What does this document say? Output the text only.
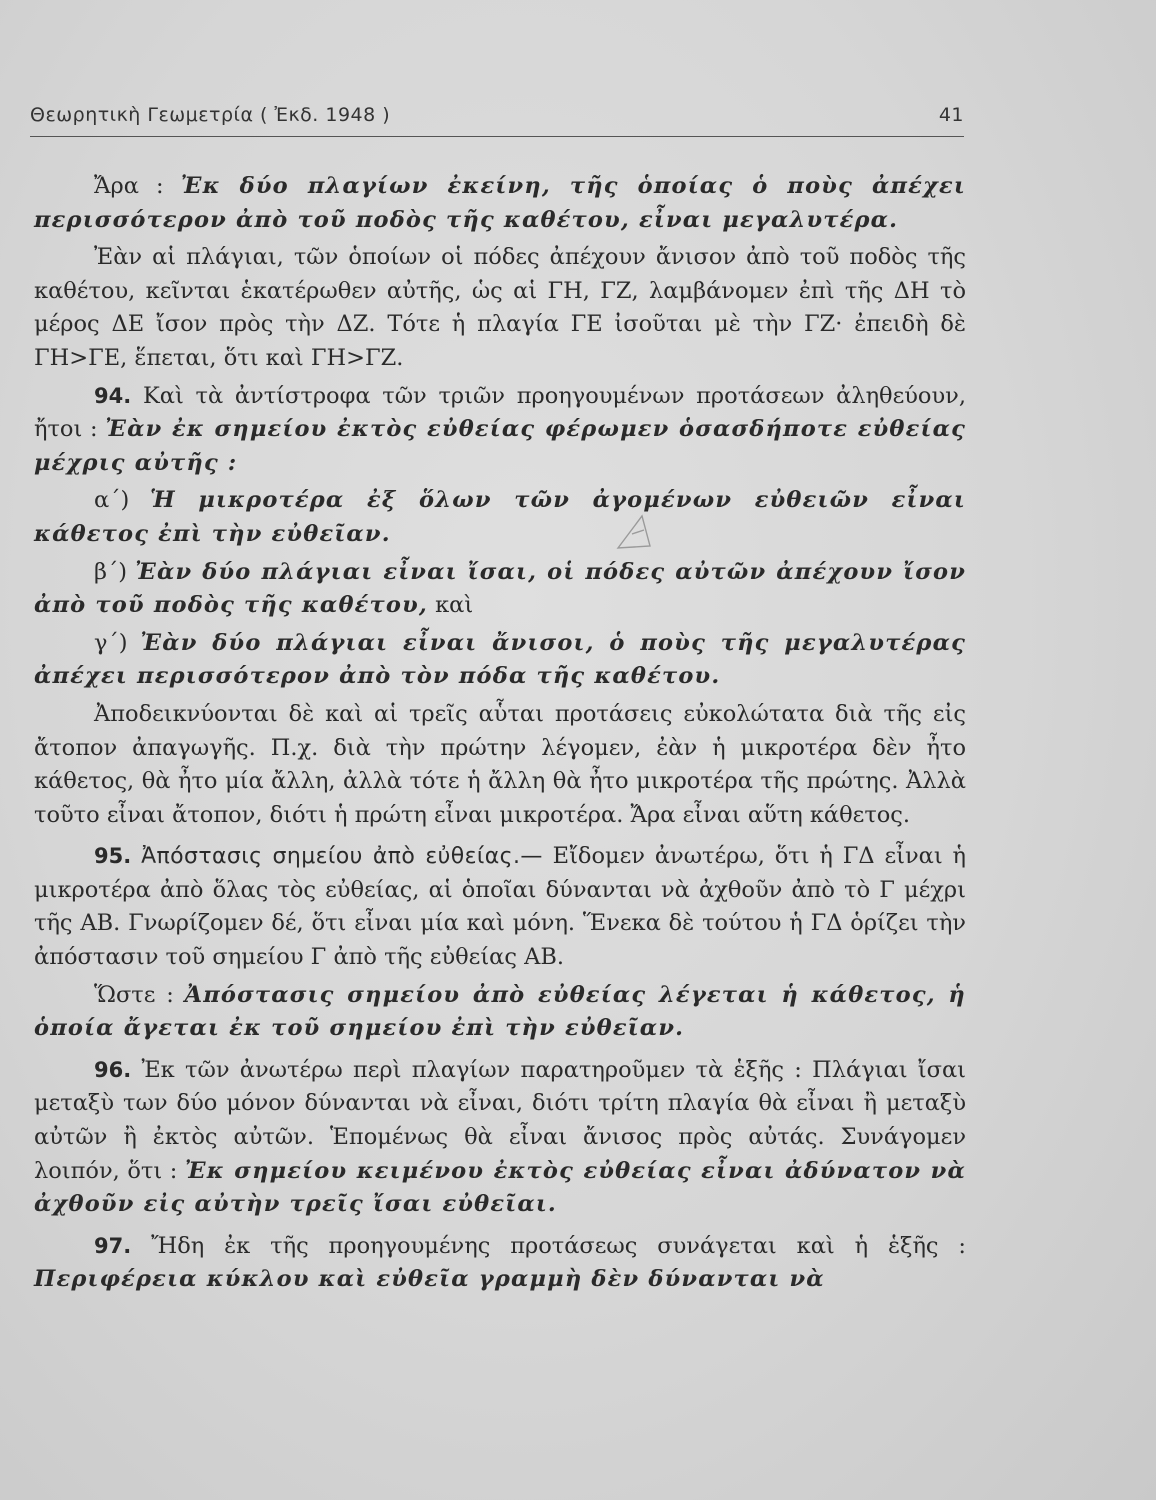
Θεωρητικὴ Γεωμετρία ( Ἐκδ. 1948 )	41

Ἄρα : Ἐκ δύο πλαγίων ἐκείνη, τῆς ὁποίας ὁ ποὺς ἀπέχει περισσότερον ἀπὸ τοῦ ποδὸς τῆς καθέτου, εἶναι μεγαλυτέρα.

Ἐὰν αἱ πλάγιαι, τῶν ὁποίων οἱ πόδες ἀπέχουν ἄνισον ἀπὸ τοῦ ποδὸς τῆς καθέτου, κεῖνται ἑκατέρωθεν αὐτῆς, ὡς αἱ ΓΗ, ΓΖ, λαμβάνομεν ἐπὶ τῆς ΔΗ τὸ μέρος ΔΕ ἴσον πρὸς τὴν ΔΖ. Τότε ἡ πλαγία ΓΕ ἰσοῦται μὲ τὴν ΓΖ· ἐπειδὴ δὲ ΓΗ>ΓΕ, ἕπεται, ὅτι καὶ ΓΗ>ΓΖ.

94. Καὶ τὰ ἀντίστροφα τῶν τριῶν προηγουμένων προτάσεων ἀληθεύουν, ἤτοι : Ἐὰν ἐκ σημείου ἐκτὸς εὐθείας φέρωμεν ὁσασδήποτε εὐθείας μέχρις αὐτῆς :

α΄) Ἡ μικροτέρα ἐξ ὅλων τῶν ἀγομένων εὐθειῶν εἶναι κάθετος ἐπὶ τὴν εὐθεῖαν.

β΄) Ἐὰν δύο πλάγιαι εἶναι ἴσαι, οἱ πόδες αὐτῶν ἀπέχουν ἴσον ἀπὸ τοῦ ποδὸς τῆς καθέτου, καὶ

γ΄) Ἐὰν δύο πλάγιαι εἶναι ἄνισοι, ὁ ποὺς τῆς μεγαλυτέρας ἀπέχει περισσότερον ἀπὸ τὸν πόδα τῆς καθέτου.

Ἀποδεικνύονται δὲ καὶ αἱ τρεῖς αὗται προτάσεις εὐκολώτατα διὰ τῆς εἰς ἄτοπον ἀπαγωγῆς. Π.χ. διὰ τὴν πρώτην λέγομεν, ἐὰν ἡ μικροτέρα δὲν ἦτο κάθετος, θὰ ἦτο μία ἄλλη, ἀλλὰ τότε ἡ ἄλλη θὰ ἦτο μικροτέρα τῆς πρώτης. Ἀλλὰ τοῦτο εἶναι ἄτοπον, διότι ἡ πρώτη εἶναι μικροτέρα. Ἄρα εἶναι αὕτη κάθετος.

95. Ἀπόστασις σημείου ἀπὸ εὐθείας.— Εἴδομεν ἀνωτέρω, ὅτι ἡ ΓΔ εἶναι ἡ μικροτέρα ἀπὸ ὅλας τὸς εὐθείας, αἱ ὁποῖαι δύνανται νὰ ἀχθοῦν ἀπὸ τὸ Γ μέχρι τῆς ΑΒ. Γνωρίζομεν δέ, ὅτι εἶναι μία καὶ μόνη. Ἕνεκα δὲ τούτου ἡ ΓΔ ὁρίζει τὴν ἀπόστασιν τοῦ σημείου Γ ἀπὸ τῆς εὐθείας ΑΒ.

Ὥστε : Ἀπόστασις σημείου ἀπὸ εὐθείας λέγεται ἡ κάθετος, ἡ ὁποία ἄγεται ἐκ τοῦ σημείου ἐπὶ τὴν εὐθεῖαν.

96. Ἐκ τῶν ἀνωτέρω περὶ πλαγίων παρατηροῦμεν τὰ ἑξῆς : Πλάγιαι ἴσαι μεταξὺ των δύο μόνον δύνανται νὰ εἶναι, διότι τρίτη πλαγία θὰ εἶναι ἢ μεταξὺ αὐτῶν ἢ ἐκτὸς αὐτῶν. Ἑπομένως θὰ εἶναι ἄνισος πρὸς αὐτάς. Συνάγομεν λοιπόν, ὅτι : Ἐκ σημείου κειμένου ἐκτὸς εὐθείας εἶναι ἀδύνατον νὰ ἀχθοῦν εἰς αὐτὴν τρεῖς ἴσαι εὐθεῖαι.

97. Ἤδη ἐκ τῆς προηγουμένης προτάσεως συνάγεται καὶ ἡ ἑξῆς : Περιφέρεια κύκλου καὶ εὐθεῖα γραμμὴ δὲν δύνανται νὰ
